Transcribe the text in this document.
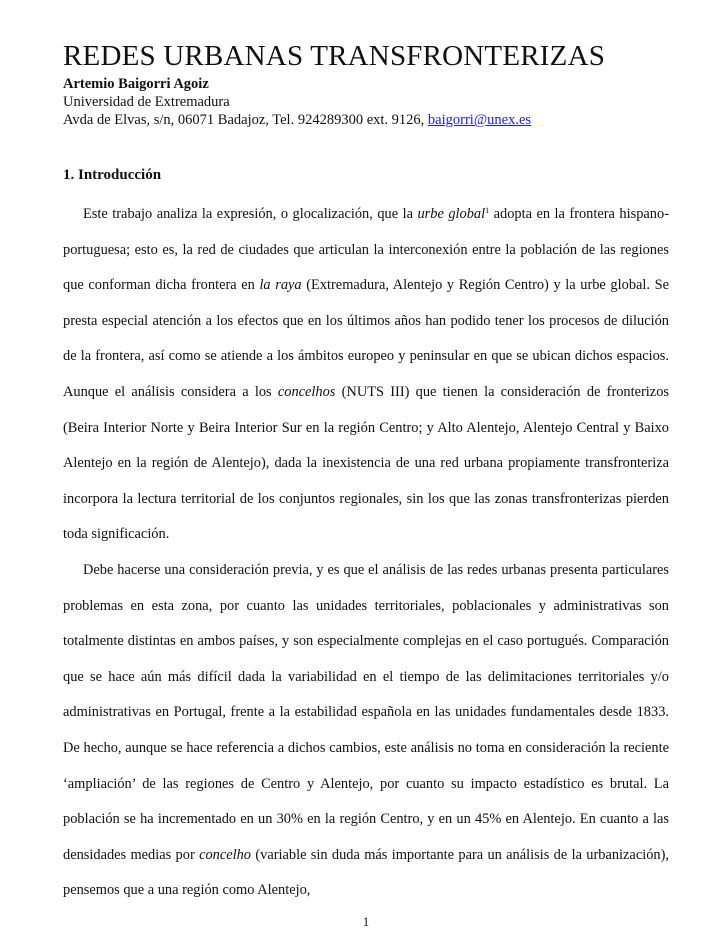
REDES URBANAS TRANSFRONTERIZAS
Artemio Baigorri Agoiz
Universidad de Extremadura
Avda de Elvas, s/n, 06071 Badajoz, Tel. 924289300 ext. 9126, baigorri@unex.es
1. Introducción

Este trabajo analiza la expresión, o glocalización, que la urbe global$^1$ adopta en la frontera hispano-portuguesa; esto es, la red de ciudades que articulan la interconexión entre la población de las regiones que conforman dicha frontera en la raya (Extremadura, Alentejo y Región Centro) y la urbe global. Se presta especial atención a los efectos que en los últimos años han podido tener los procesos de dilución de la frontera, así como se atiende a los ámbitos europeo y peninsular en que se ubican dichos espacios. Aunque el análisis considera a los concelhos (NUTS III) que tienen la consideración de fronterizos (Beira Interior Norte y Beira Interior Sur en la región Centro; y Alto Alentejo, Alentejo Central y Baixo Alentejo en la región de Alentejo), dada la inexistencia de una red urbana propiamente transfronteriza incorpora la lectura territorial de los conjuntos regionales, sin los que las zonas transfronterizas pierden toda significación.

Debe hacerse una consideración previa, y es que el análisis de las redes urbanas presenta particulares problemas en esta zona, por cuanto las unidades territoriales, poblacionales y administrativas son totalmente distintas en ambos países, y son especialmente complejas en el caso portugués. Comparación que se hace aún más difícil dada la variabilidad en el tiempo de las delimitaciones territoriales y/o administrativas en Portugal, frente a la estabilidad española en las unidades fundamentales desde 1833. De hecho, aunque se hace referencia a dichos cambios, este análisis no toma en consideración la reciente ‘ampliación’ de las regiones de Centro y Alentejo, por cuanto su impacto estadístico es brutal. La población se ha incrementado en un 30% en la región Centro, y en un 45% en Alentejo. En cuanto a las densidades medias por concelho (variable sin duda más importante para un análisis de la urbanización), pensemos que a una región como Alentejo,

1
